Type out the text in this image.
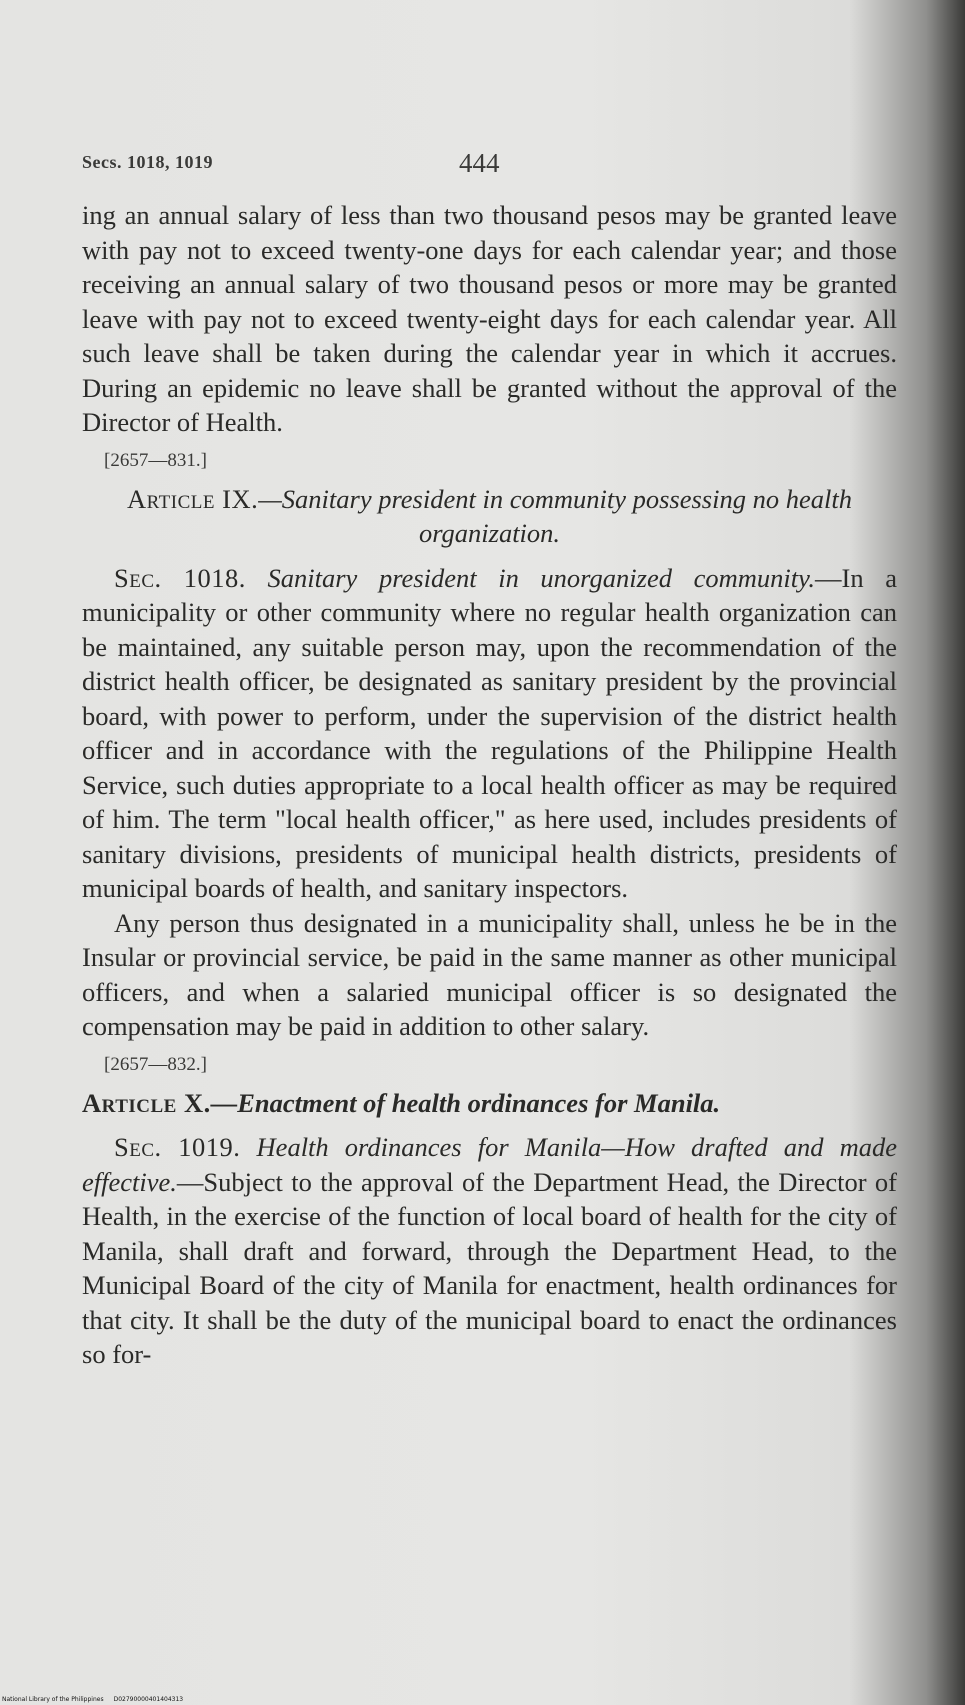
Secs. 1018, 1019	444

ing an annual salary of less than two thousand pesos may be granted leave with pay not to exceed twenty-one days for each calendar year; and those receiving an annual salary of two thousand pesos or more may be granted leave with pay not to exceed twenty-eight days for each calendar year. All such leave shall be taken during the calendar year in which it accrues. During an epidemic no leave shall be granted without the approval of the Director of Health.

[2657—831.]
Article IX.—Sanitary president in community possessing no health organization.

Sec. 1018. Sanitary president in unorganized community.—In a municipality or other community where no regular health organization can be maintained, any suitable person may, upon the recommendation of the district health officer, be designated as sanitary president by the provincial board, with power to perform, under the supervision of the district health officer and in accordance with the regulations of the Philippine Health Service, such duties appropriate to a local health officer as may be required of him. The term "local health officer," as here used, includes presidents of sanitary divisions, presidents of municipal health districts, presidents of municipal boards of health, and sanitary inspectors.

Any person thus designated in a municipality shall, unless he be in the Insular or provincial service, be paid in the same manner as other municipal officers, and when a salaried municipal officer is so designated the compensation may be paid in addition to other salary.

[2657—832.]
Article X.—Enactment of health ordinances for Manila.

Sec. 1019. Health ordinances for Manila—How drafted and made effective.—Subject to the approval of the Department Head, the Director of Health, in the exercise of the function of local board of health for the city of Manila, shall draft and forward, through the Department Head, to the Municipal Board of the city of Manila for enactment, health ordinances for that city. It shall be the duty of the municipal board to enact the ordinances so for-

National Library of the Philippines D02790000401404313
